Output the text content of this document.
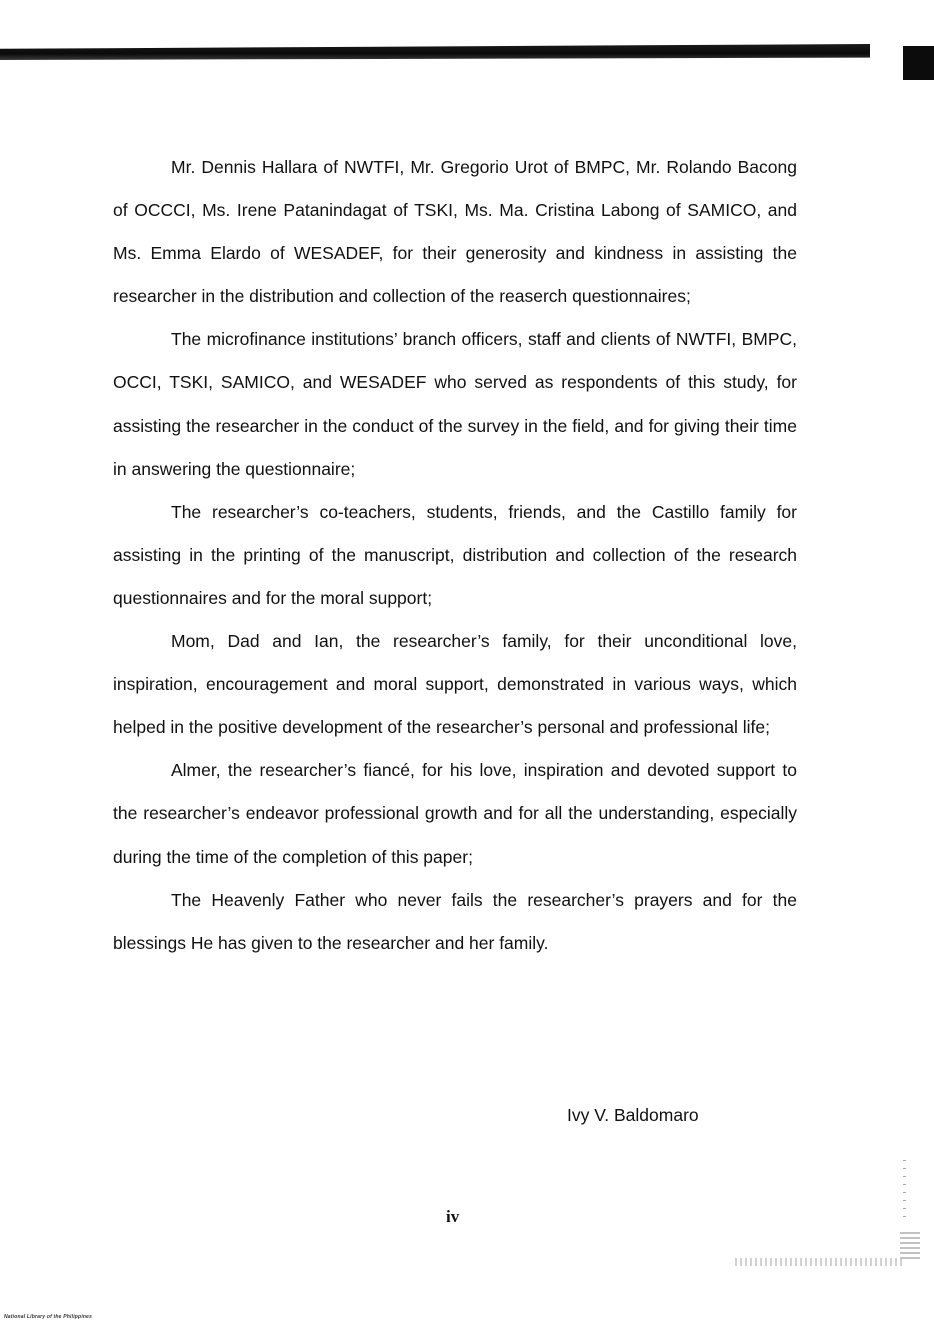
Mr. Dennis Hallara of NWTFI, Mr. Gregorio Urot of BMPC, Mr. Rolando Bacong of OCCCI, Ms. Irene Patanindagat of TSKI, Ms. Ma. Cristina Labong of SAMICO, and Ms. Emma Elardo of WESADEF, for their generosity and kindness in assisting the researcher in the distribution and collection of the reaserch questionnaires;

The microfinance institutions’ branch officers, staff and clients of NWTFI, BMPC, OCCI, TSKI, SAMICO, and WESADEF who served as respondents of this study, for assisting the researcher in the conduct of the survey in the field, and for giving their time in answering the questionnaire;

The researcher’s co-teachers, students, friends, and the Castillo family for assisting in the printing of the manuscript, distribution and collection of the research questionnaires and for the moral support;

Mom, Dad and Ian, the researcher’s family, for their unconditional love, inspiration, encouragement and moral support, demonstrated in various ways, which helped in the positive development of the researcher’s personal and professional life;

Almer, the researcher’s fiancé, for his love, inspiration and devoted support to the researcher’s endeavor professional growth and for all the understanding, especially during the time of the completion of this paper;

The Heavenly Father who never fails the researcher’s prayers and for the blessings He has given to the researcher and her family.

Ivy V. Baldomaro
iv
National Library of the Philippines
